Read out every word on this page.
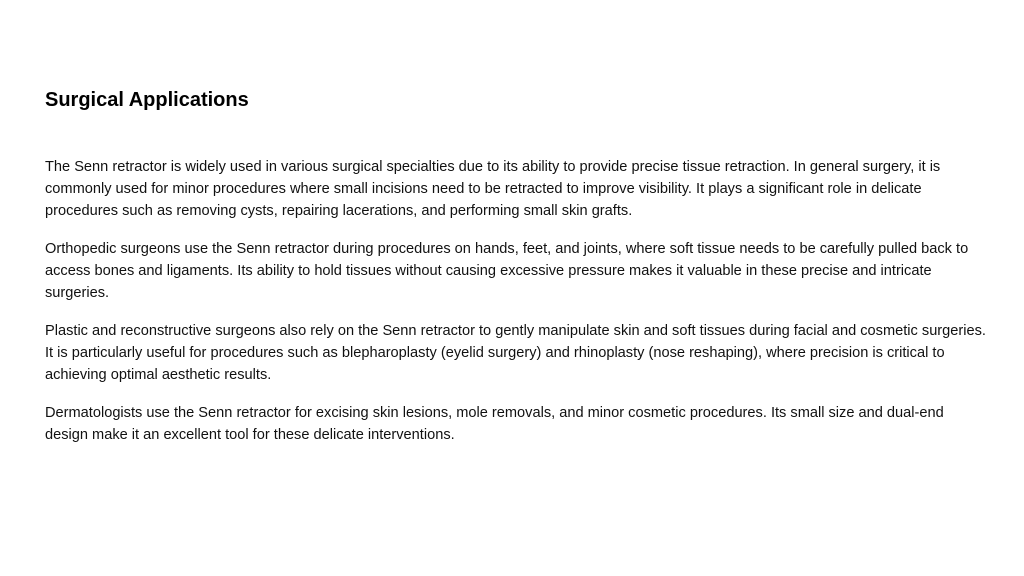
Surgical Applications

The Senn retractor is widely used in various surgical specialties due to its ability to provide precise tissue retraction. In general surgery, it is commonly used for minor procedures where small incisions need to be retracted to improve visibility. It plays a significant role in delicate procedures such as removing cysts, repairing lacerations, and performing small skin grafts.

Orthopedic surgeons use the Senn retractor during procedures on hands, feet, and joints, where soft tissue needs to be carefully pulled back to access bones and ligaments. Its ability to hold tissues without causing excessive pressure makes it valuable in these precise and intricate surgeries.

Plastic and reconstructive surgeons also rely on the Senn retractor to gently manipulate skin and soft tissues during facial and cosmetic surgeries. It is particularly useful for procedures such as blepharoplasty (eyelid surgery) and rhinoplasty (nose reshaping), where precision is critical to achieving optimal aesthetic results.

Dermatologists use the Senn retractor for excising skin lesions, mole removals, and minor cosmetic procedures. Its small size and dual-end design make it an excellent tool for these delicate interventions.
